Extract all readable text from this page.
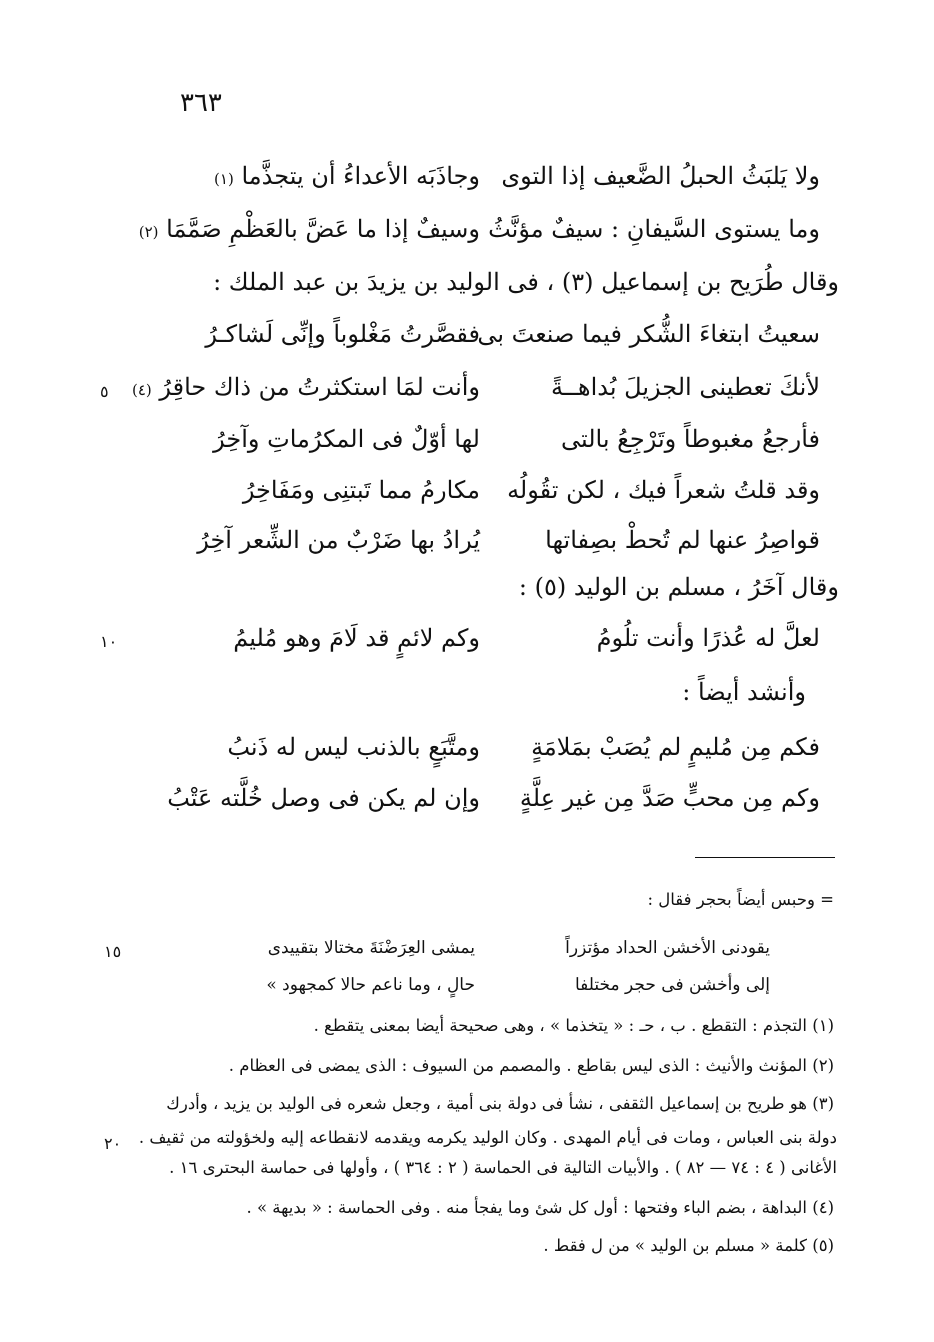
٣٦٣
ولا يَلبَثُ الحبلُ الضَّعيف إذا التوى
وجاذَبَه الأعداءُ أن يتجذَّما (١)
وما يستوى السَّيفانِ : سيفٌ مؤنَّثُ
وسيفٌ إذا ما عَضَّ بالعَظْمِ صَمَّمَا (٢)
وقال طُرَيح بن إسماعيل (٣) ، فى الوليد بن يزيدَ بن عبد الملك :
سعيتُ ابتغاءَ الشُّكر فيما صنعتَ بى
فقصَّرتُ مَغْلوباً وإنِّى لَشاكـرُ
لأنكَ تعطينى الجزيلَ بُداهــةً
وأنت لمَا استكثرتُ من ذاك حاقِرُ (٤)
٥
فأرجعُ مغبوطاً وتَرْجِعُ بالتى
لها أوّلٌ فى المكرُماتِ وآخِرُ
وقد قلتُ شعراً فيك ، لكن تقُولُه
مكارمُ مما تَبتنِى ومَفَاخِرُ
قواصِرُ عنها لم تُحطْ بصِفاتها
يُرادُ بها ضَرْبٌ من الشِّعر آخِرُ
وقال آخَرُ ، مسلم بن الوليد (٥) :
لعلَّ له عُذرًا وأنت تلُومُ
وكم لائمٍ قد لَامَ وهو مُليمُ
١٠
وأنشد أيضاً :
فكم مِن مُليمٍ لم يُصَبْ بمَلامَةٍ
ومتَّبَعٍ بالذنب ليس له ذَنبُ
وكم مِن محبٍّ صَدَّ مِن غير عِلَّةٍ
وإن لم يكن فى وصل خُلَّته عَتْبُ
= وحبس أيضاً بحجر فقال :
يقودنى الأخشن الحداد مؤتزراً
يمشى العِرَضْنَةَ مختالا بتقييدى
١٥
إلى وأخشن فى حجر مختلفا
حالٍ ، وما ناعم حالا كمجهود »
(١) التجذم : التقطع . ب ، حـ : « يتخذما » ، وهى صحيحة أيضا بمعنى يتقطع .
(٢) المؤنث والأنيث : الذى ليس بقاطع . والمصمم من السيوف : الذى يمضى فى العظام .
(٣) هو طريح بن إسماعيل الثقفى ، نشأ فى دولة بنى أمية ، وجعل شعره فى الوليد بن يزيد ، وأدرك
دولة بنى العباس ، ومات فى أيام المهدى . وكان الوليد يكرمه ويقدمه لانقطاعه إليه ولخؤولته من ثقيف .
٢٠
الأغانى ( ٤ : ٧٤ — ٨٢ ) . والأبيات التالية فى الحماسة ( ٢ : ٣٦٤ ) ، وأولها فى حماسة البحترى ١٦ .
(٤) البداهة ، بضم الباء وفتحها : أول كل شئ وما يفجأ منه . وفى الحماسة : « بديهة » .
(٥) كلمة « مسلم بن الوليد » من ل فقط .
